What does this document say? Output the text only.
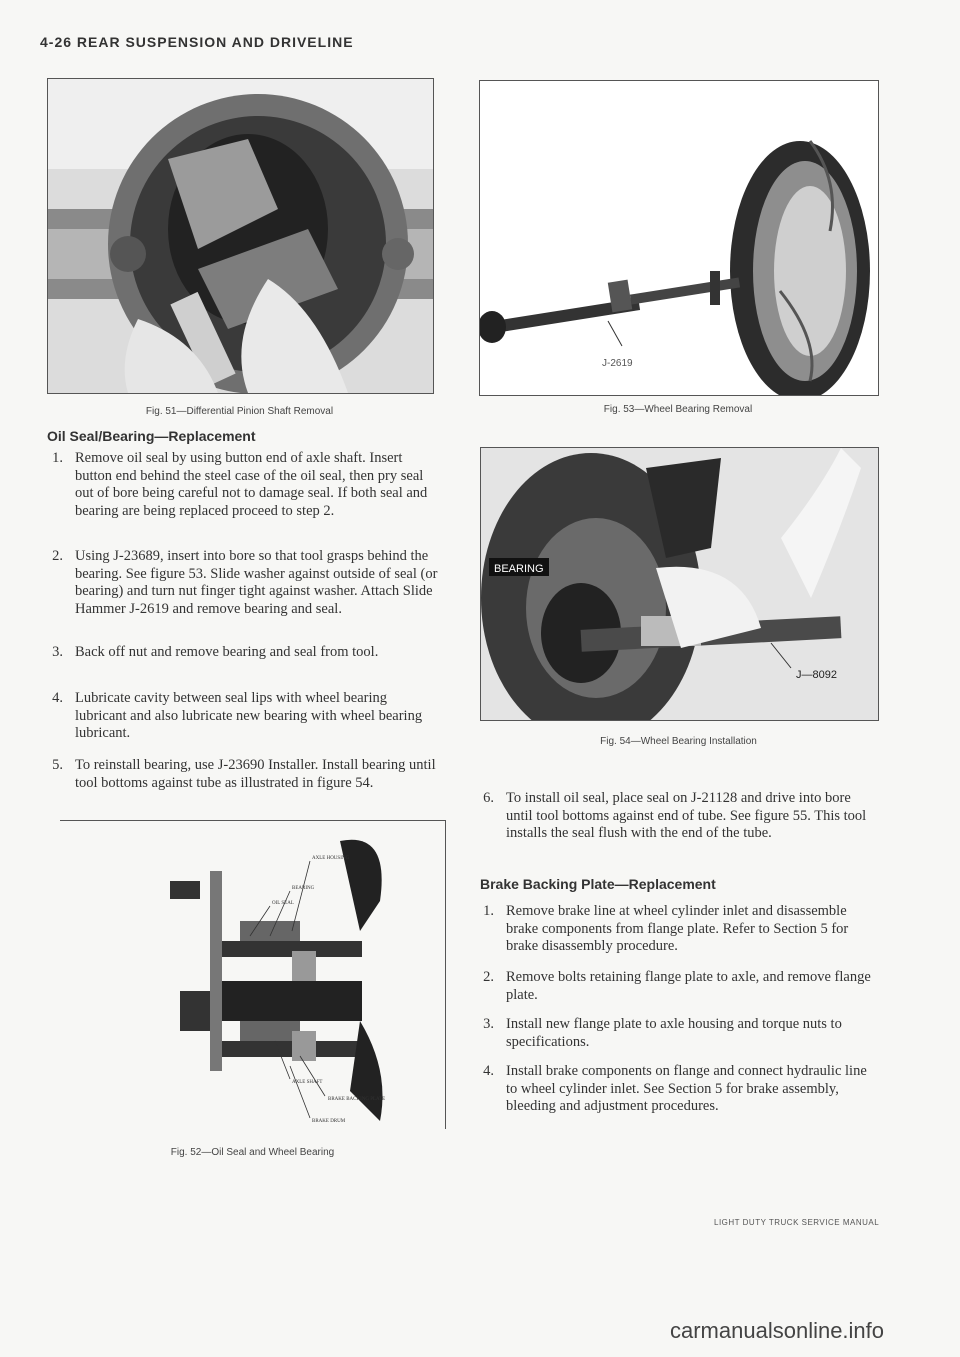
4-26 REAR SUSPENSION AND DRIVELINE
Fig. 51—Differential Pinion Shaft Removal
Oil Seal/Bearing—Replacement
1. Remove oil seal by using button end of axle shaft. Insert button end behind the steel case of the oil seal, then pry seal out of bore being careful not to damage seal. If both seal and bearing are being replaced proceed to step 2.
2. Using J-23689, insert into bore so that tool grasps behind the bearing. See figure 53. Slide washer against outside of seal (or bearing) and turn nut finger tight against washer. Attach Slide Hammer J-2619 and remove bearing and seal.
3. Back off nut and remove bearing and seal from tool.
4. Lubricate cavity between seal lips with wheel bearing lubricant and also lubricate new bearing with wheel bearing lubricant.
5. To reinstall bearing, use J-23690 Installer. Install bearing until tool bottoms against tube as illustrated in figure 54.
AXLE HOUSING
BEARING
OIL SEAL
AXLE SHAFT
BRAKE BACKING PLATE
BRAKE DRUM
Fig. 52—Oil Seal and Wheel Bearing
J-2619
Fig. 53—Wheel Bearing Removal
BEARING
J—8092
Fig. 54—Wheel Bearing Installation
6. To install oil seal, place seal on J-21128 and drive into bore until tool bottoms against end of tube. See figure 55. This tool installs the seal flush with the end of the tube.
Brake Backing Plate—Replacement
1. Remove brake line at wheel cylinder inlet and disassemble brake components from flange plate. Refer to Section 5 for brake disassembly procedure.
2. Remove bolts retaining flange plate to axle, and remove flange plate.
3. Install new flange plate to axle housing and torque nuts to specifications.
4. Install brake components on flange and connect hydraulic line to wheel cylinder inlet. See Section 5 for brake assembly, bleeding and adjustment procedures.
LIGHT DUTY TRUCK SERVICE MANUAL
carmanualsonline.info
